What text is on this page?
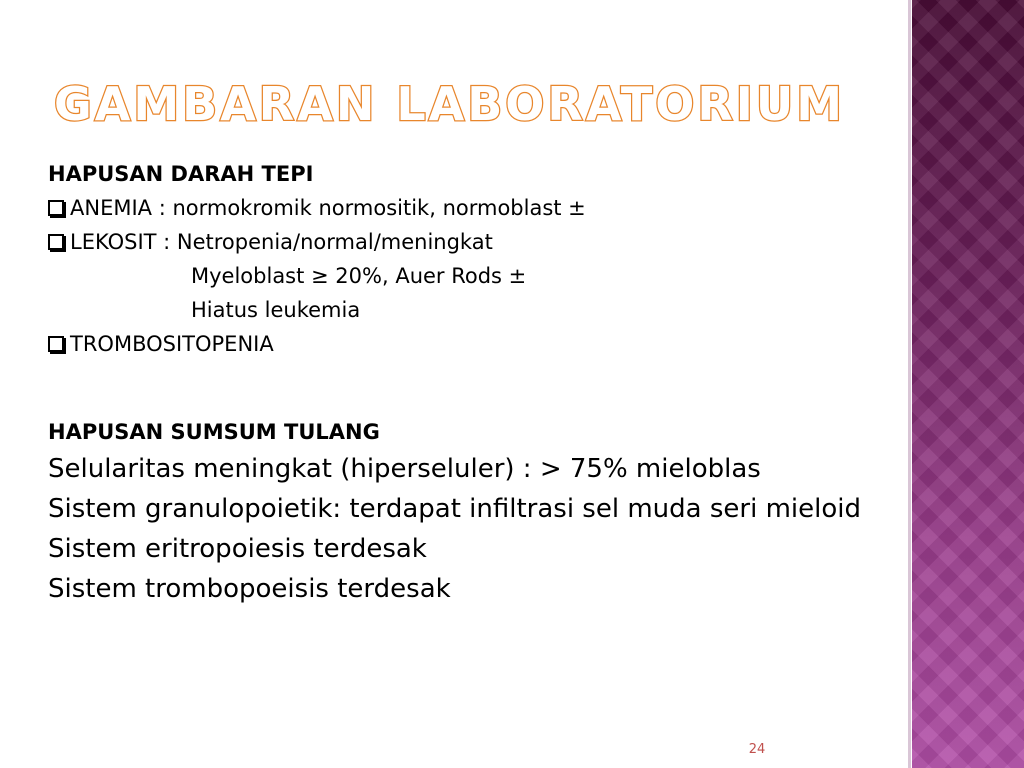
GAMBARAN LABORATORIUM
HAPUSAN DARAH TEPI
ANEMIA : normokromik normositik, normoblast ±
LEKOSIT : Netropenia/normal/meningkat
Myeloblast ≥ 20%, Auer Rods ±
Hiatus leukemia
TROMBOSITOPENIA
HAPUSAN SUMSUM TULANG
Selularitas meningkat (hiperseluler) : > 75% mieloblas
Sistem granulopoietik: terdapat infiltrasi sel muda seri mieloid
Sistem eritropoiesis terdesak
Sistem trombopoeisis terdesak
24
